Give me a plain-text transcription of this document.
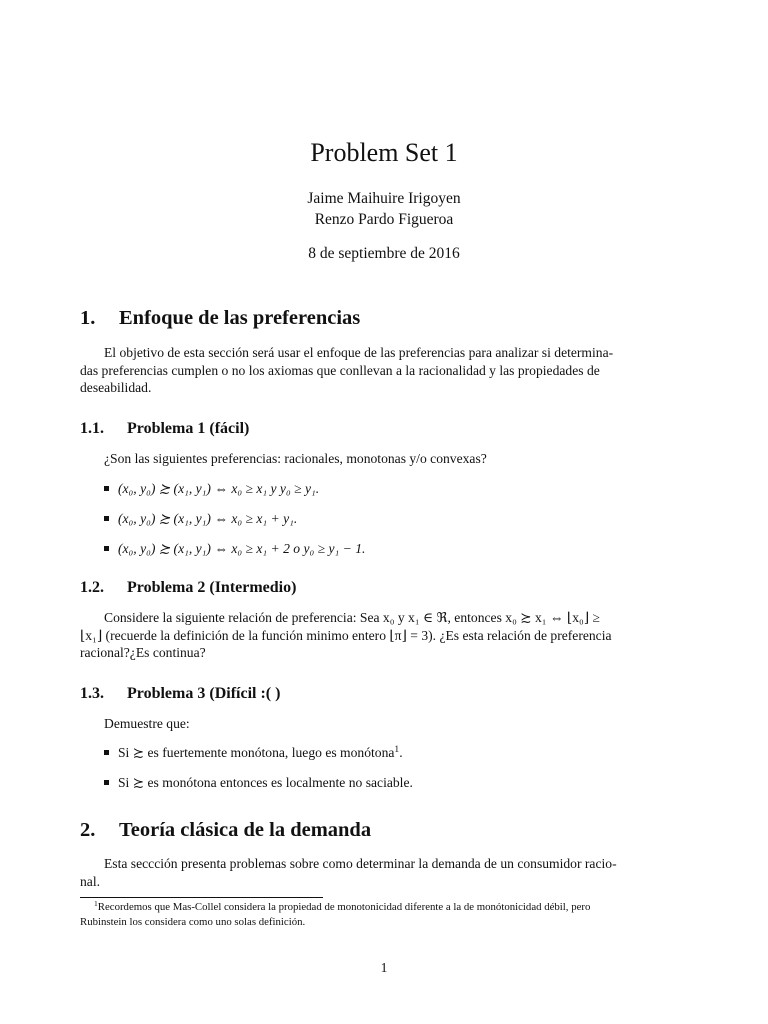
Problem Set 1
Jaime Maihuire Irigoyen
Renzo Pardo Figueroa
8 de septiembre de 2016
1. Enfoque de las preferencias
El objetivo de esta sección será usar el enfoque de las preferencias para analizar si determina-
das preferencias cumplen o no los axiomas que conllevan a la racionalidad y las propiedades de
deseabilidad.
1.1. Problema 1 (fácil)
¿Son las siguientes preferencias: racionales, monotonas y/o convexas?
(x₀, y₀) ≿ (x₁, y₁) ⇔ x₀ ≥ x₁ y y₀ ≥ y₁.
(x₀, y₀) ≿ (x₁, y₁) ⇔ x₀ ≥ x₁ + y₁.
(x₀, y₀) ≿ (x₁, y₁) ⇔ x₀ ≥ x₁ + 2 o y₀ ≥ y₁ − 1.
1.2. Problema 2 (Intermedio)
Considere la siguiente relación de preferencia: Sea x₀ y x₁ ∈ ℜ, entonces x₀ ≿ x₁ ⇔ ⌊x₀⌋ ≥
⌊x₁⌋ (recuerde la definición de la función minimo entero ⌊π⌋ = 3). ¿Es esta relación de preferencia
racional?¿Es continua?
1.3. Problema 3 (Difícil :( )
Demuestre que:
Si ≿ es fuertemente monótona, luego es monótona$^1$.
Si ≿ es monótona entonces es localmente no saciable.
2. Teoría clásica de la demanda
Esta seccción presenta problemas sobre como determinar la demanda de un consumidor racio-
nal.
$^1$Recordemos que Mas-Collel considera la propiedad de monotonicidad diferente a la de monótonicidad débil, pero
Rubinstein los considera como uno solas definición.
1
